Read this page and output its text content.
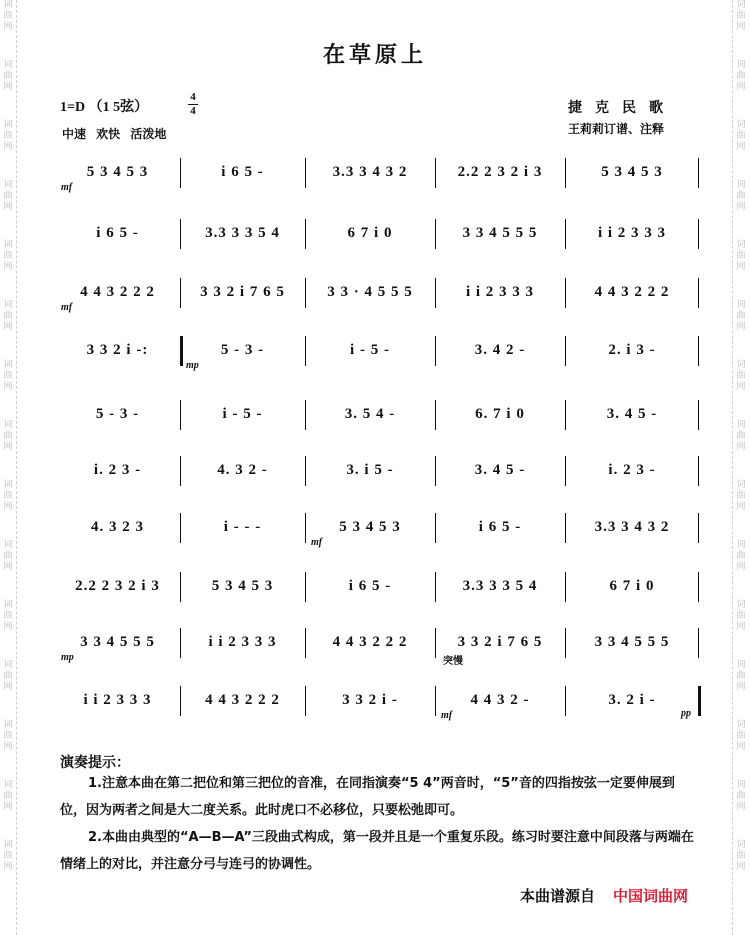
词
曲
网
词
曲
网
词
曲
网
词
曲
网
词
曲
网
词
曲
网
词
曲
网
词
曲
网
词
曲
网
词
曲
网
词
曲
网
词
曲
网
词
曲
网
词
曲
网
词
曲
网
词
曲
网
词
曲
网
词
曲
网
词
曲
网
词
曲
网
词
曲
网
词
曲
网
词
曲
网
词
曲
网
词
曲
网
词
曲
网
词
曲
网
词
曲
网
词
曲
网
词
曲
网
在草原上
1=D （1 5弦）
4
4
中速 欢快 活泼地
捷克民歌
王莉莉订谱、注释
5 3 4 5 3	i 6 5 -	3.3 3 4 3 2	2.2 2 3 2 i 3	5 3 4 5 3
mf
i 6 5 -	3.3 3 3 5 4	6 7 i 0	3 3 4 5 5 5	i i 2 3 3 3
4 4 3 2 2 2	3 3 2 i 7 6 5	3 3 · 4 5 5 5	i i 2 3 3 3	4 4 3 2 2 2
mf
3 3 2 i -:	5 - 3 -	i - 5 -	3. 4 2 -	2. i 3 -
mp
5 - 3 -	i - 5 -	3. 5 4 -	6. 7 i 0	3. 4 5 -
i. 2 3 -	4. 3 2 -	3. i 5 -	3. 4 5 -	i. 2 3 -
4. 3 2 3	i - - -	5 3 4 5 3	i 6 5 -	3.3 3 4 3 2
mf
2.2 2 3 2 i 3	5 3 4 5 3	i 6 5 -	3.3 3 3 5 4	6 7 i 0
3 3 4 5 5 5	i i 2 3 3 3	4 4 3 2 2 2	3 3 2 i 7 6 5	3 3 4 5 5 5
mp
i i 2 3 3 3	4 4 3 2 2 2	3 3 2 i -	4 4 3 2 -	3. 2 i -
mf	pp
突慢
演奏提示：
1.注意本曲在第二把位和第三把位的音准，在同指演奏“5 4”两音时，“5”音的四指按弦一定要伸展到位，因为两者之间是大二度关系。此时虎口不必移位，只要松弛即可。
2.本曲由典型的“A—B—A”三段曲式构成，第一段并且是一个重复乐段。练习时要注意中间段落与两端在情绪上的对比，并注意分弓与连弓的协调性。
本曲谱源自 中国词曲网
